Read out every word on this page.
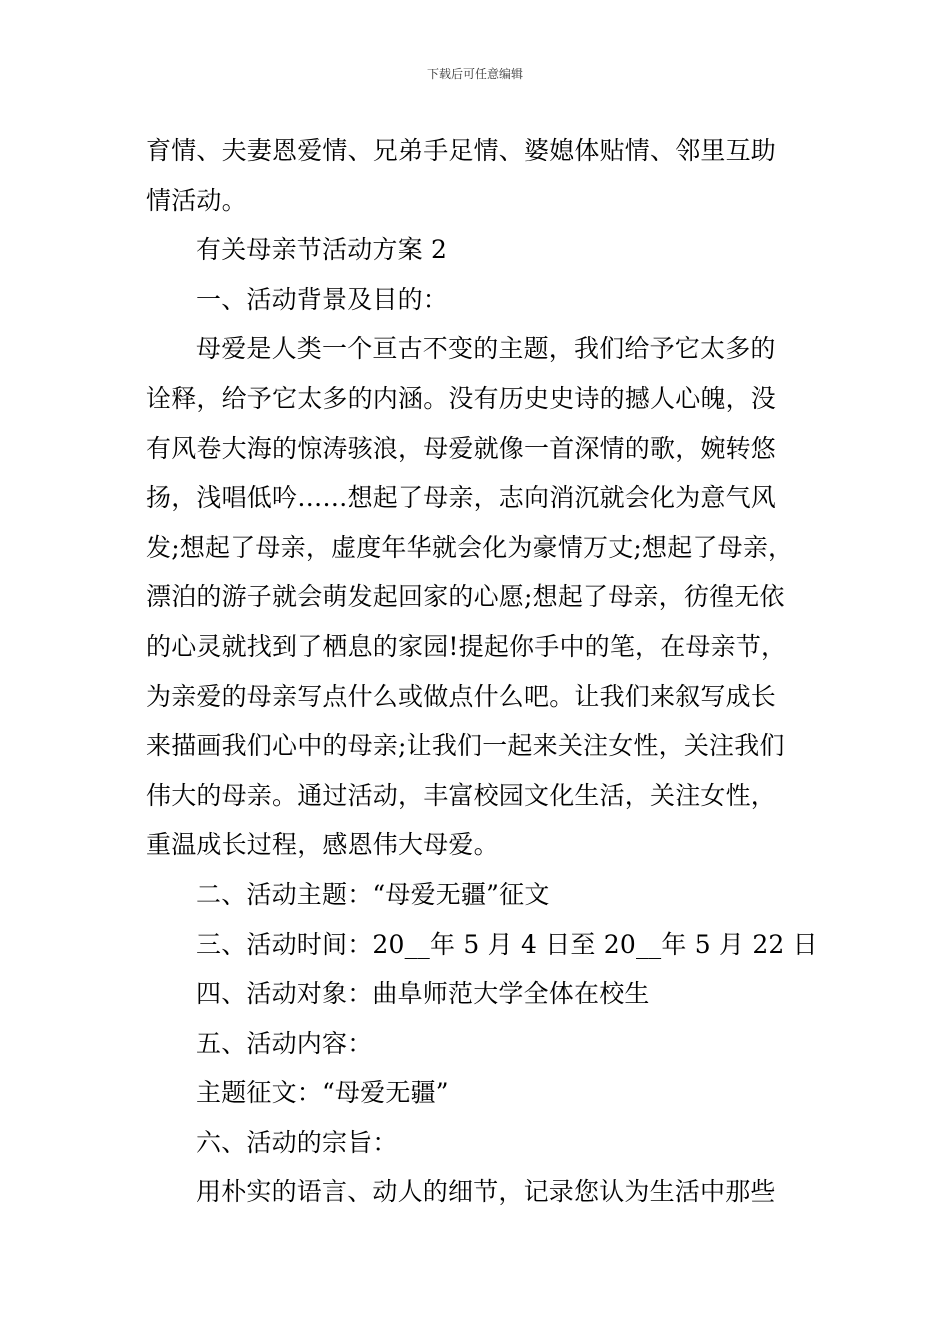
下载后可任意编辑
育情、夫妻恩爱情、兄弟手足情、婆媳体贴情、邻里互助
情活动。
有关母亲节活动方案 2
一、活动背景及目的：
母爱是人类一个亘古不变的主题，我们给予它太多的
诠释，给予它太多的内涵。没有历史史诗的撼人心魄，没
有风卷大海的惊涛骇浪，母爱就像一首深情的歌，婉转悠
扬，浅唱低吟……想起了母亲，志向消沉就会化为意气风
发;想起了母亲，虚度年华就会化为豪情万丈;想起了母亲，
漂泊的游子就会萌发起回家的心愿;想起了母亲，彷徨无依
的心灵就找到了栖息的家园!提起你手中的笔，在母亲节，
为亲爱的母亲写点什么或做点什么吧。让我们来叙写成长
来描画我们心中的母亲;让我们一起来关注女性，关注我们
伟大的母亲。通过活动，丰富校园文化生活，关注女性，
重温成长过程，感恩伟大母爱。
二、活动主题：“母爱无疆”征文
三、活动时间：20__年 5 月 4 日至 20__年 5 月 22 日
四、活动对象：曲阜师范大学全体在校生
五、活动内容：
主题征文：“母爱无疆”
六、活动的宗旨：
用朴实的语言、动人的细节，记录您认为生活中那些
